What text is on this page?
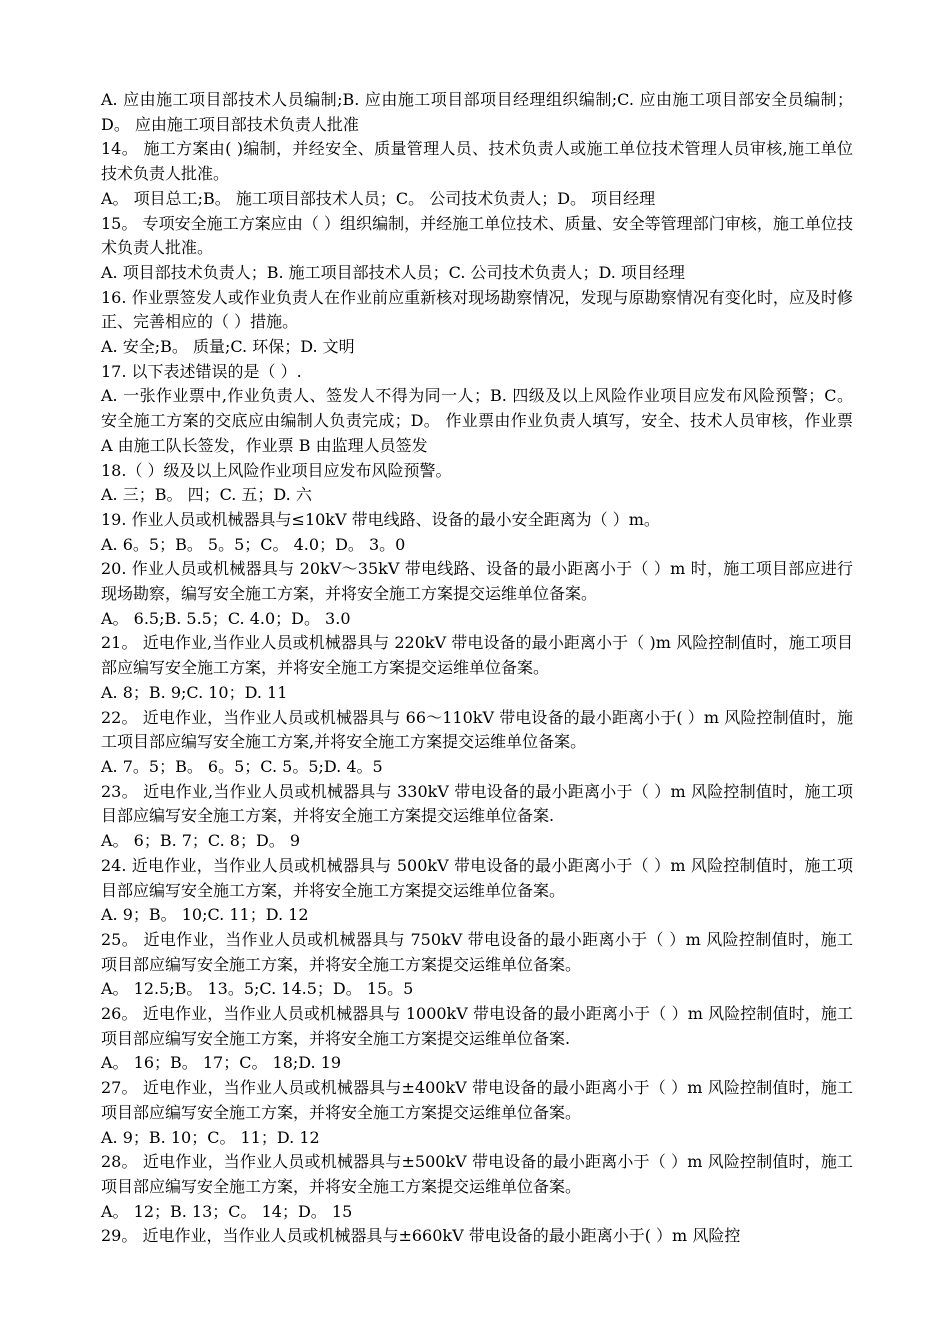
A. 应由施工项目部技术人员编制;B. 应由施工项目部项目经理组织编制;C. 应由施工项目部安全员编制；D。 应由施工项目部技术负责人批准

14。 施工方案由( )编制，并经安全、质量管理人员、技术负责人或施工单位技术管理人员审核,施工单位技术负责人批准。

A。 项目总工;B。 施工项目部技术人员；C。 公司技术负责人；D。 项目经理

15。 专项安全施工方案应由（ ）组织编制，并经施工单位技术、质量、安全等管理部门审核，施工单位技术负责人批准。

A. 项目部技术负责人；B. 施工项目部技术人员；C. 公司技术负责人；D. 项目经理

16. 作业票签发人或作业负责人在作业前应重新核对现场勘察情况，发现与原勘察情况有变化时，应及时修正、完善相应的（ ）措施。

A. 安全;B。 质量;C. 环保；D. 文明

17. 以下表述错误的是（ ）.

A. 一张作业票中,作业负责人、签发人不得为同一人；B. 四级及以上风险作业项目应发布风险预警；C。 安全施工方案的交底应由编制人负责完成；D。 作业票由作业负责人填写，安全、技术人员审核，作业票 A 由施工队长签发，作业票 B 由监理人员签发

18.（ ）级及以上风险作业项目应发布风险预警。

A. 三；B。 四；C. 五；D. 六

19. 作业人员或机械器具与≤10kV 带电线路、设备的最小安全距离为（ ）m。

A. 6。5；B。 5。5；C。 4.0；D。 3。0

20. 作业人员或机械器具与 20kV～35kV 带电线路、设备的最小距离小于（ ）m 时，施工项目部应进行现场勘察，编写安全施工方案，并将安全施工方案提交运维单位备案。

A。 6.5;B. 5.5；C. 4.0；D。 3.0

21。 近电作业,当作业人员或机械器具与 220kV 带电设备的最小距离小于（ )m 风险控制值时，施工项目部应编写安全施工方案，并将安全施工方案提交运维单位备案。

A. 8；B. 9;C. 10；D. 11

22。 近电作业，当作业人员或机械器具与 66～110kV 带电设备的最小距离小于( ）m 风险控制值时，施工项目部应编写安全施工方案,并将安全施工方案提交运维单位备案。

A. 7。5；B。 6。5；C. 5。5;D. 4。5

23。 近电作业,当作业人员或机械器具与 330kV 带电设备的最小距离小于（ ）m 风险控制值时，施工项目部应编写安全施工方案，并将安全施工方案提交运维单位备案.

A。 6；B. 7；C. 8；D。 9

24. 近电作业，当作业人员或机械器具与 500kV 带电设备的最小距离小于（ ）m 风险控制值时，施工项目部应编写安全施工方案，并将安全施工方案提交运维单位备案。

A. 9；B。 10;C. 11；D. 12

25。 近电作业，当作业人员或机械器具与 750kV 带电设备的最小距离小于（ ）m 风险控制值时，施工项目部应编写安全施工方案，并将安全施工方案提交运维单位备案。

A。 12.5;B。 13。5;C. 14.5；D。 15。5

26。 近电作业，当作业人员或机械器具与 1000kV 带电设备的最小距离小于（ ）m 风险控制值时，施工项目部应编写安全施工方案，并将安全施工方案提交运维单位备案.

A。 16；B。 17；C。 18;D. 19

27。 近电作业，当作业人员或机械器具与±400kV 带电设备的最小距离小于（ ）m 风险控制值时，施工项目部应编写安全施工方案，并将安全施工方案提交运维单位备案。

A. 9；B. 10；C。 11；D. 12

28。 近电作业，当作业人员或机械器具与±500kV 带电设备的最小距离小于（ ）m 风险控制值时，施工项目部应编写安全施工方案，并将安全施工方案提交运维单位备案。

A。 12；B. 13；C。 14；D。 15

29。 近电作业，当作业人员或机械器具与±660kV 带电设备的最小距离小于( ）m 风险控
